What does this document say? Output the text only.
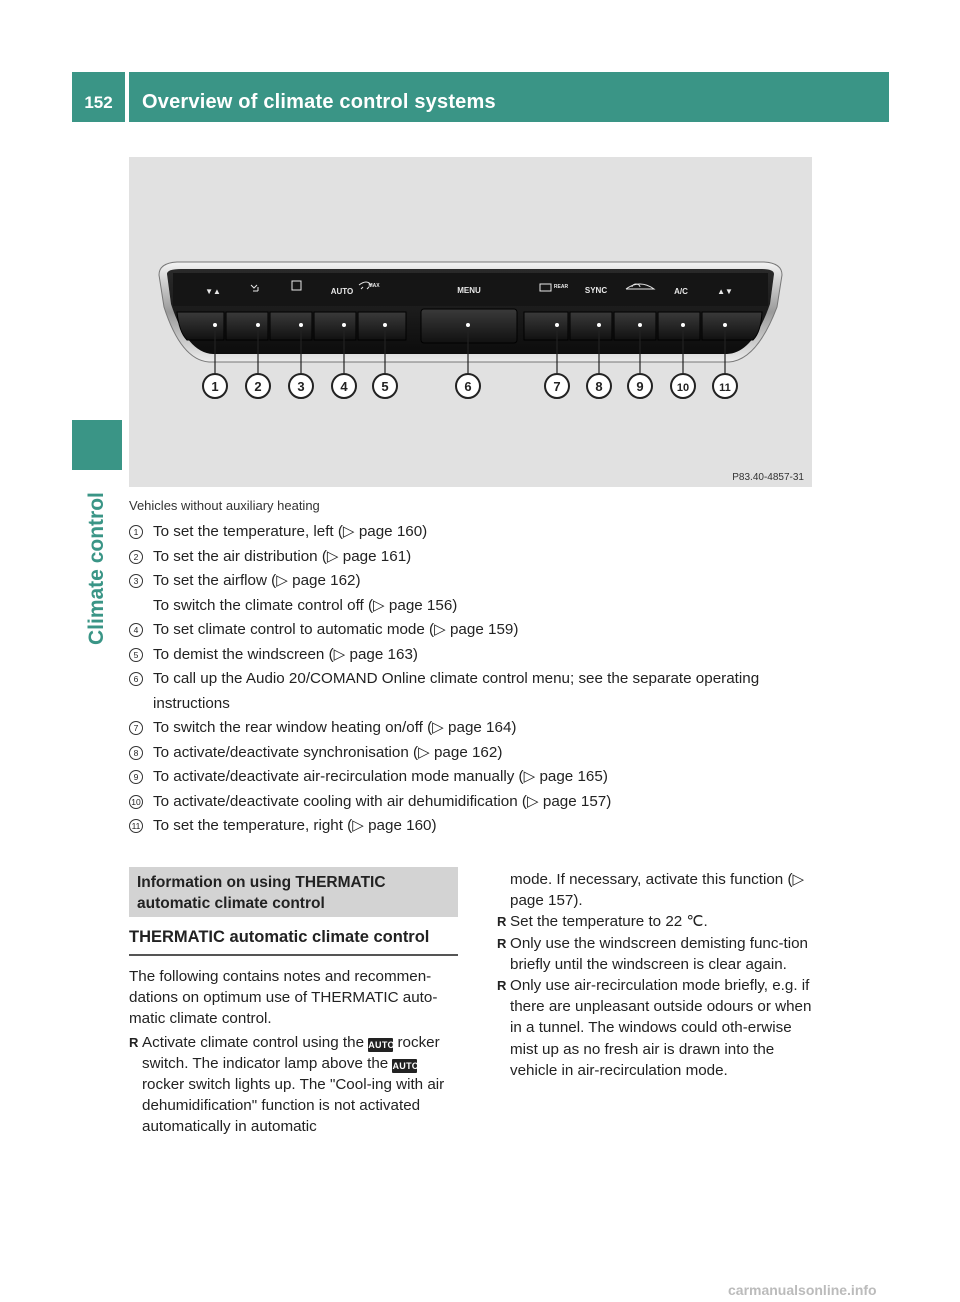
152	Overview of climate control systems
Climate control
▼▲	AUTO
MAX	MENU	REAR SYNC	A/C	▲▼
1	2	3	4	5	6	7	8	9	10	11
P83.40-4857-31
Vehicles without auxiliary heating
1 To set the temperature, left (▷ page 160)
2 To set the air distribution (▷ page 161)
3 To set the airflow (▷ page 162)
To switch the climate control off (▷ page 156)
4 To set climate control to automatic mode (▷ page 159)
5 To demist the windscreen (▷ page 163)
6 To call up the Audio 20/COMAND Online climate control menu; see the separate operating
instructions
7 To switch the rear window heating on/off (▷ page 164)
8 To activate/deactivate synchronisation (▷ page 162)
9 To activate/deactivate air-recirculation mode manually (▷ page 165)
10 To activate/deactivate cooling with air dehumidification (▷ page 157)
11 To set the temperature, right (▷ page 160)
Information on using THERMATIC
automatic climate control
THERMATIC automatic climate control

The following contains notes and recommen-dations on optimum use of THERMATIC auto-matic climate control.

R Activate climate control using the AUTO rocker switch. The indicator lamp above the AUTO rocker switch lights up. The "Cool-ing with air dehumidification" function is not activated automatically in automatic
mode. If necessary, activate this function (▷ page 157).
R Set the temperature to 22 ℃.
R Only use the windscreen demisting func-tion briefly until the windscreen is clear again.
R Only use air-recirculation mode briefly, e.g. if there are unpleasant outside odours or when in a tunnel. The windows could oth-erwise mist up as no fresh air is drawn into the vehicle in air-recirculation mode.
carmanualsonline.info
